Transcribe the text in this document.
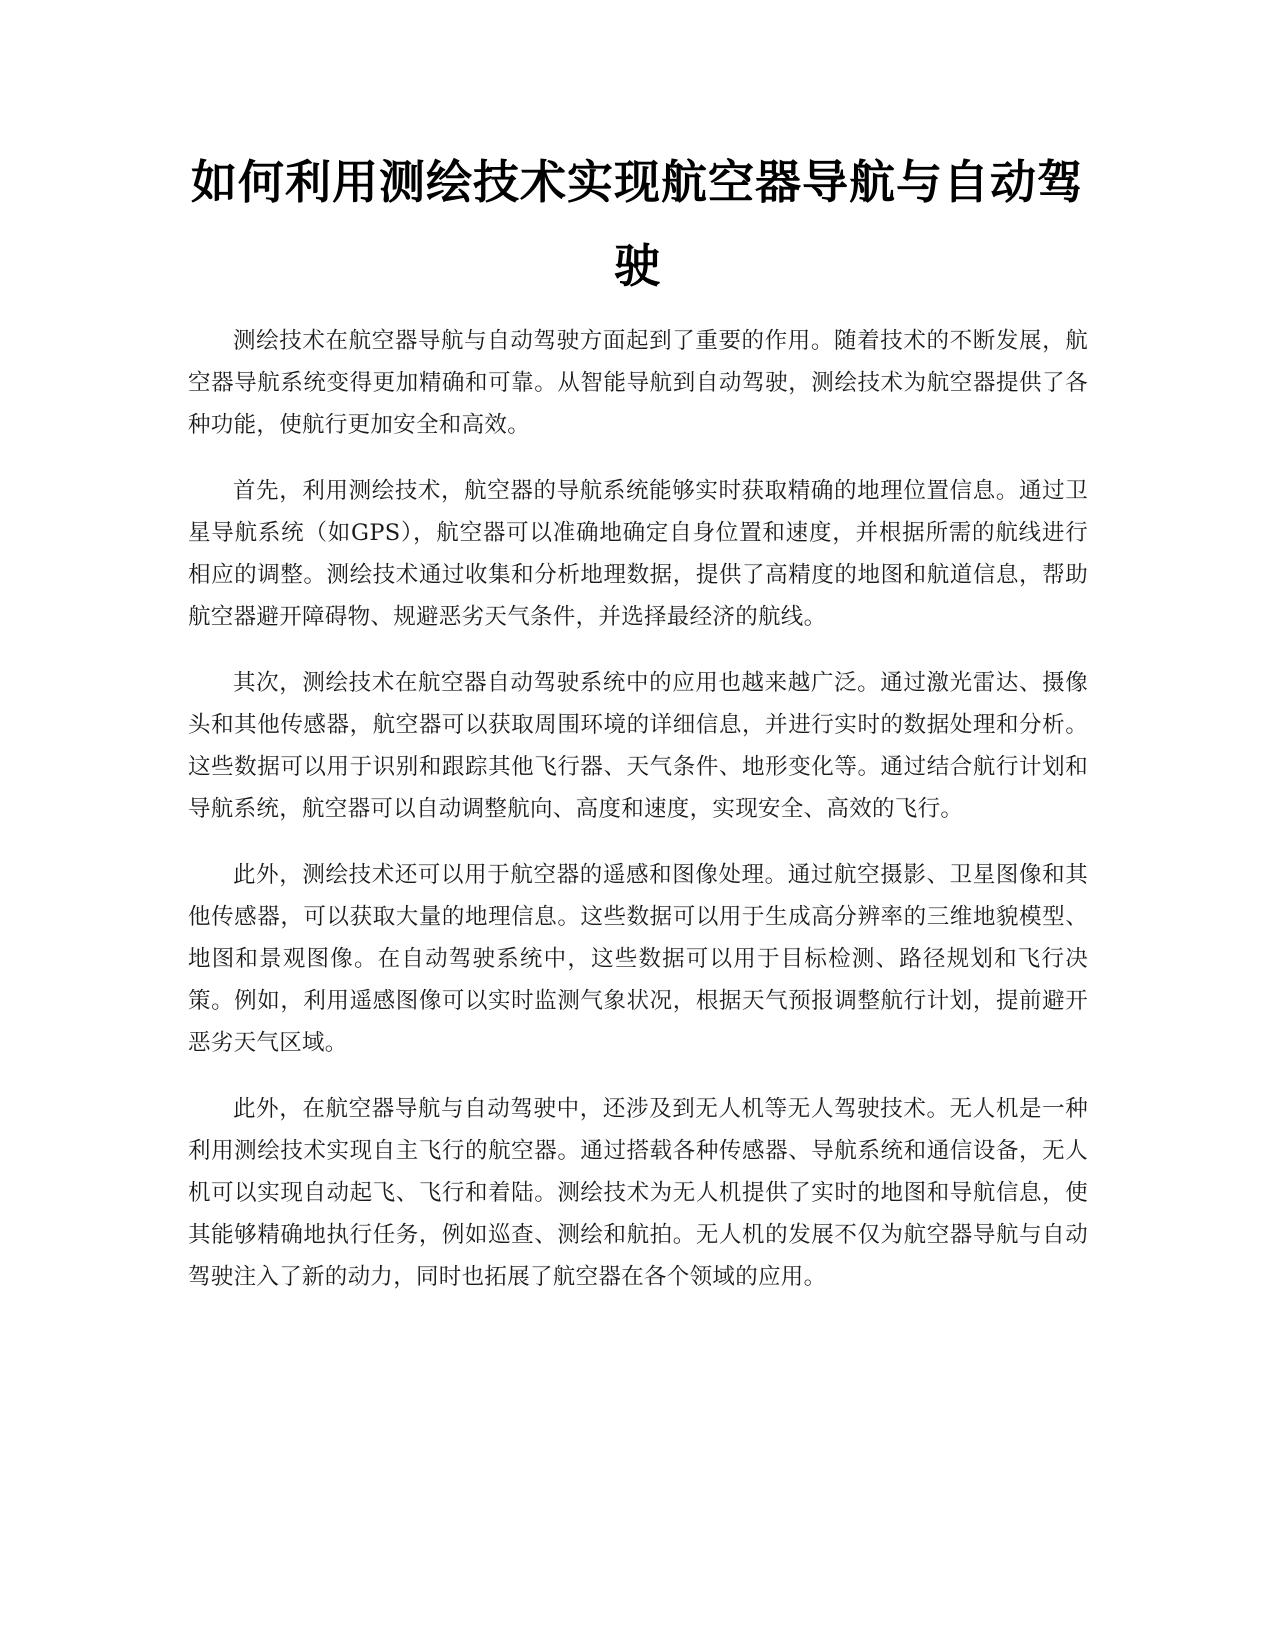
如何利用测绘技术实现航空器导航与自动驾驶

测绘技术在航空器导航与自动驾驶方面起到了重要的作用。随着技术的不断发展，航空器导航系统变得更加精确和可靠。从智能导航到自动驾驶，测绘技术为航空器提供了各种功能，使航行更加安全和高效。

首先，利用测绘技术，航空器的导航系统能够实时获取精确的地理位置信息。通过卫星导航系统（如GPS），航空器可以准确地确定自身位置和速度，并根据所需的航线进行相应的调整。测绘技术通过收集和分析地理数据，提供了高精度的地图和航道信息，帮助航空器避开障碍物、规避恶劣天气条件，并选择最经济的航线。

其次，测绘技术在航空器自动驾驶系统中的应用也越来越广泛。通过激光雷达、摄像头和其他传感器，航空器可以获取周围环境的详细信息，并进行实时的数据处理和分析。这些数据可以用于识别和跟踪其他飞行器、天气条件、地形变化等。通过结合航行计划和导航系统，航空器可以自动调整航向、高度和速度，实现安全、高效的飞行。

此外，测绘技术还可以用于航空器的遥感和图像处理。通过航空摄影、卫星图像和其他传感器，可以获取大量的地理信息。这些数据可以用于生成高分辨率的三维地貌模型、地图和景观图像。在自动驾驶系统中，这些数据可以用于目标检测、路径规划和飞行决策。例如，利用遥感图像可以实时监测气象状况，根据天气预报调整航行计划，提前避开恶劣天气区域。

此外，在航空器导航与自动驾驶中，还涉及到无人机等无人驾驶技术。无人机是一种利用测绘技术实现自主飞行的航空器。通过搭载各种传感器、导航系统和通信设备，无人机可以实现自动起飞、飞行和着陆。测绘技术为无人机提供了实时的地图和导航信息，使其能够精确地执行任务，例如巡查、测绘和航拍。无人机的发展不仅为航空器导航与自动驾驶注入了新的动力，同时也拓展了航空器在各个领域的应用。
